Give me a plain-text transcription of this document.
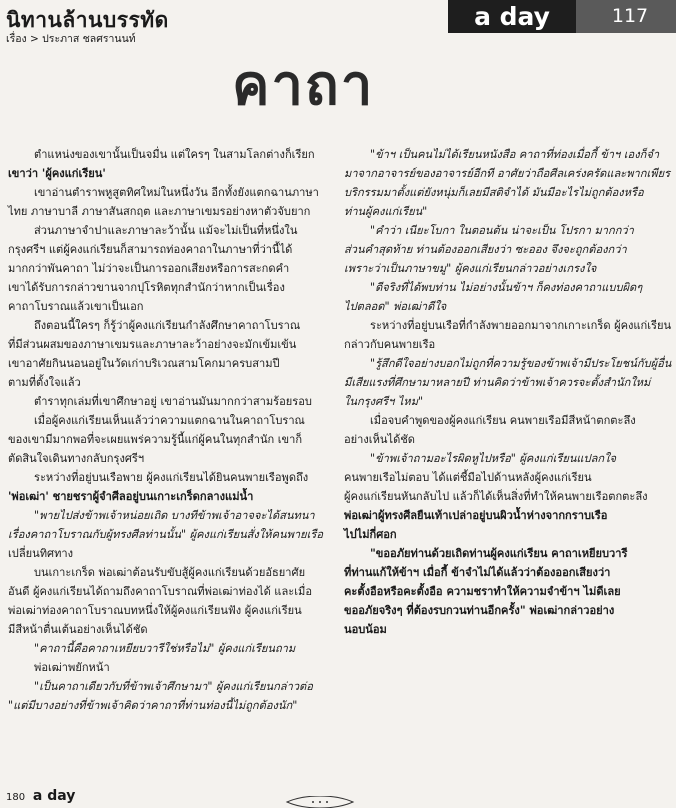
นิทานล้านบรรทัด
เรื่อง > ประภาส ชลศรานนท์
a day	117
คาถา

ตำแหน่งของเขานั้นเป็นจมื่น แต่ใครๆ ในสามโลกต่างก็เรียก

เขาว่า 'ผู้คงแก่เรียน'

เขาอ่านตำราพหูสูตทิศใหม่ในหนึ่งวัน อีกทั้งยังแตกฉานภาษา

ไทย ภาษาบาลี ภาษาสันสกฤต และภาษาเขมรอย่างหาตัวจับยาก

ส่วนภาษาจำปาและภาษาละว้านั้น แม้จะไม่เป็นที่หนึ่งใน

กรุงศรีฯ แต่ผู้คงแก่เรียนก็สามารถท่องคาถาในภาษาที่ว่านี้ได้

มากกว่าพันคาถา ไม่ว่าจะเป็นการออกเสียงหรือการสะกดคำ

เขาได้รับการกล่าวขานจากปุโรหิตทุกสำนักว่าหากเป็นเรื่อง

คาถาโบราณแล้วเขาเป็นเอก

ถึงตอนนี้ใครๆ ก็รู้ว่าผู้คงแก่เรียนกำลังศึกษาคาถาโบราณ

ที่มีส่วนผสมของภาษาเขมรและภาษาละว้าอย่างจะมักเข้มเข้น

เขาอาศัยกินนอนอยู่ในวัดเก่าบริเวณสามโคกมาครบสามปี

ตามที่ตั้งใจแล้ว

ตำราทุกเล่มที่เขาศึกษาอยู่ เขาอ่านมันมากกว่าสามร้อยรอบ

เมื่อผู้คงแก่เรียนเห็นแล้วว่าความแตกฉานในคาถาโบราณ

ของเขามีมากพอที่จะเผยแพร่ความรู้นี้แก่ผู้คนในทุกสำนัก เขาก็

ตัดสินใจเดินทางกลับกรุงศรีฯ

ระหว่างที่อยู่บนเรือพาย ผู้คงแก่เรียนได้ยินคนพายเรือพูดถึง

'พ่อเฒ่า' ชายชราผู้จำศีลอยู่บนเกาะเกร็ดกลางแม่น้ำ

"พายไปส่งข้าพเจ้าหน่อยเถิด บางทีข้าพเจ้าอาจจะได้สนทนา

เรื่องคาถาโบราณกับผู้ทรงศีลท่านนั้น" ผู้คงแก่เรียนสั่งให้คนพายเรือ

เปลี่ยนทิศทาง

บนเกาะเกร็ด พ่อเฒ่าต้อนรับขับสู้ผู้คงแก่เรียนด้วยอัธยาศัย

อันดี ผู้คงแก่เรียนได้ถามถึงคาถาโบราณที่พ่อเฒ่าท่องได้ และเมื่อ

พ่อเฒ่าท่องคาถาโบราณบทหนึ่งให้ผู้คงแก่เรียนฟัง ผู้คงแก่เรียน

มีสีหน้าตื่นเต้นอย่างเห็นได้ชัด

"คาถานี้คือคาถาเหยียบวารีใช่หรือไม่" ผู้คงแก่เรียนถาม

พ่อเฒ่าพยักหน้า

"เป็นคาถาเดียวกับที่ข้าพเจ้าศึกษามา" ผู้คงแก่เรียนกล่าวต่อ

"แต่มีบางอย่างที่ข้าพเจ้าคิดว่าคาถาที่ท่านท่องนี้ไม่ถูกต้องนัก"

"ข้าฯ เป็นคนไม่ได้เรียนหนังสือ คาถาที่ท่องเมื่อกี้ ข้าฯ เองก็จำ

มาจากอาจารย์ของอาจารย์อีกที อาศัยว่าถือศีลเคร่งครัดและพากเพียร

บริกรรมมาตั้งแต่ยังหนุ่มก็เลยมีสติจำได้ มันมีอะไรไม่ถูกต้องหรือ

ท่านผู้คงแก่เรียน"

"คำว่า เนียะโบกา ในตอนต้น น่าจะเป็น โปรกา มากกว่า

ส่วนคำสุดท้าย ท่านต้องออกเสียงว่า ซะออง จึงจะถูกต้องกว่า

เพราะว่าเป็นภาษาขมู" ผู้คงแก่เรียนกล่าวอย่างเกรงใจ

"ดีจริงที่ได้พบท่าน ไม่อย่างนั้นข้าฯ ก็คงท่องคาถาแบบผิดๆ

ไปตลอด" พ่อเฒ่าดีใจ

ระหว่างที่อยู่บนเรือที่กำลังพายออกมาจากเกาะเกร็ด ผู้คงแก่เรียน

กล่าวกับคนพายเรือ

"รู้สึกดีใจอย่างบอกไม่ถูกที่ความรู้ของข้าพเจ้ามีประโยชน์กับผู้อื่น

มีเสียแรงที่ศึกษามาหลายปี ท่านคิดว่าข้าพเจ้าควรจะตั้งสำนักใหม่

ในกรุงศรีฯ ไหม"

เมื่อจบคำพูดของผู้คงแก่เรียน คนพายเรือมีสีหน้าตกตะลึง

อย่างเห็นได้ชัด

"ข้าพเจ้าถามอะไรผิดหูไปหรือ" ผู้คงแก่เรียนแปลกใจ

คนพายเรือไม่ตอบ ได้แต่ชี้มือไปด้านหลังผู้คงแก่เรียน

ผู้คงแก่เรียนหันกลับไป แล้วก็ได้เห็นสิ่งที่ทำให้คนพายเรือตกตะลึง

พ่อเฒ่าผู้ทรงศีลยืนเท้าเปล่าอยู่บนผิวน้ำห่างจากกราบเรือ

ไปไม่กี่ศอก

"ขออภัยท่านด้วยเถิดท่านผู้คงแก่เรียน คาถาเหยียบวารี

ที่ท่านแก้ให้ข้าฯ เมื่อกี้ ข้าจำไม่ได้แล้วว่าต้องออกเสียงว่า

คะตั้งอือหรือคะตั้งอือ ความชราทำให้ความจำข้าฯ ไม่ดีเลย

ขออภัยจริงๆ ที่ต้องรบกวนท่านอีกครั้ง" พ่อเฒ่ากล่าวอย่าง

นอบน้อม

180 a day
